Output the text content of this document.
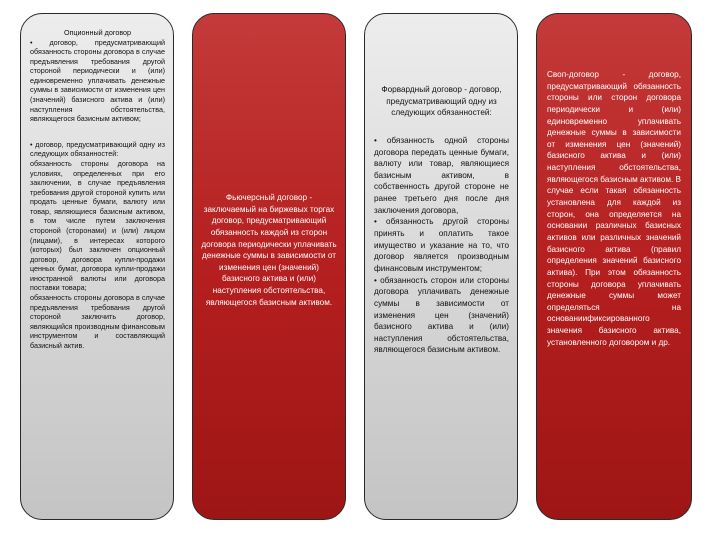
Опционный договор

• договор, предусматривающий обязанность стороны договора в случае предъявления требования другой стороной периодически и (или) единовременно уплачивать денежные суммы в зависимости от изменения цен (значений) базисного актива и (или) наступления обстоятельства, являющегося базисным активом;

• договор, предусматривающий одну из следующих обязанностей:
обязанность стороны договора на условиях, определенных при его заключении, в случае предъявления требования другой стороной купить или продать ценные бумаги, валюту или товар, являющиеся базисным активом, в том числе путем заключения стороной (сторонами) и (или) лицом (лицами), в интересах которого (которых) был заключен опционный договор, договора купли-продажи ценных бумаг, договора купли-продажи иностранной валюты или договора поставки товара;
обязанность стороны договора в случае предъявления требования другой стороной заключить договор, являющийся производным финансовым инструментом и составляющий базисный актив.

Фьючерсный договор - заключаемый на биржевых торгах договор, предусматривающий обязанность каждой из сторон договора периодически уплачивать денежные суммы в зависимости от изменения цен (значений) базисного актива и (или) наступления обстоятельства, являющегося базисным активом.

Форвардный договор - договор, предусматривающий одну из следующих обязанностей:

• обязанность одной стороны договора передать ценные бумаги, валюту или товар, являющиеся базисным активом, в собственность другой стороне не ранее третьего дня после дня заключения договора,
• обязанность другой стороны принять и оплатить такое имущество и указание на то, что договор является производным финансовым инструментом;
• обязанность сторон или стороны договора уплачивать денежные суммы в зависимости от изменения цен (значений) базисного актива и (или) наступления обстоятельства, являющегося базисным активом.

Своп-договор - договор, предусматривающий обязанность стороны или сторон договора периодически и (или) единовременно уплачивать денежные суммы в зависимости от изменения цен (значений) базисного актива и (или) наступления обстоятельства, являющегося базисным активом. В случае если такая обязанность установлена для каждой из сторон, она определяется на основании различных базисных активов или различных значений базисного актива (правил определения значений базисного актива). При этом обязанность стороны договора уплачивать денежные суммы может определяться на основаниификсированного значения базисного актива, установленного договором и др.
